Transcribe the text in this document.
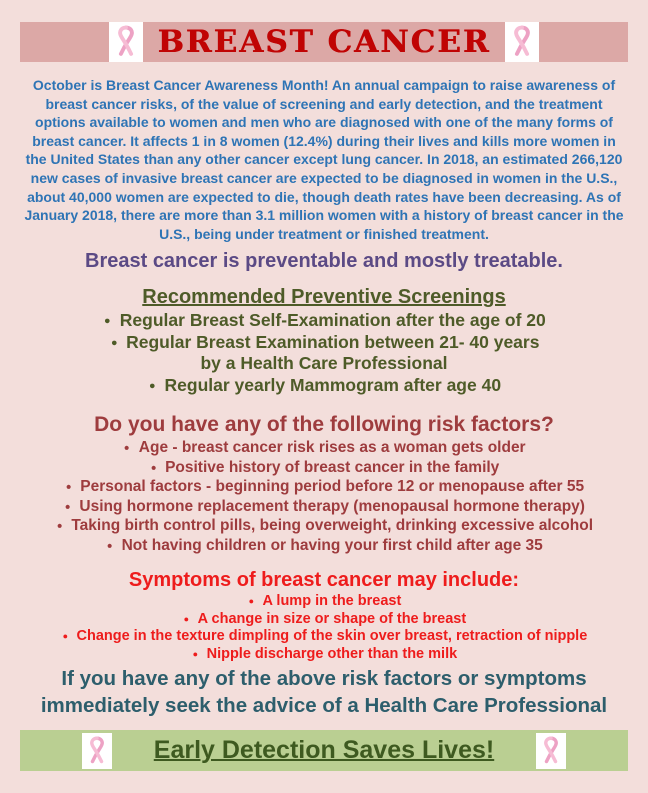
BREAST CANCER
October is Breast Cancer Awareness Month! An annual campaign to raise awareness of breast cancer risks, of the value of screening and early detection, and the treatment options available to women and men who are diagnosed with one of the many forms of breast cancer. It affects 1 in 8 women (12.4%) during their lives and kills more women in the United States than any other cancer except lung cancer. In 2018, an estimated 266,120 new cases of invasive breast cancer are expected to be diagnosed in women in the U.S., about 40,000 women are expected to die, though death rates have been decreasing. As of January 2018, there are more than 3.1 million women with a history of breast cancer in the U.S., being under treatment or finished treatment.
Breast cancer is preventable and mostly treatable.
Recommended Preventive Screenings
● Regular Breast Self-Examination after the age of 20
● Regular Breast Examination between 21- 40 years
by a Health Care Professional
● Regular yearly Mammogram after age 40
Do you have any of the following risk factors?
● Age - breast cancer risk rises as a woman gets older
● Positive history of breast cancer in the family
● Personal factors - beginning period before 12 or menopause after 55
● Using hormone replacement therapy (menopausal hormone therapy)
● Taking birth control pills, being overweight, drinking excessive alcohol
● Not having children or having your first child after age 35
Symptoms of breast cancer may include:
● A lump in the breast
● A change in size or shape of the breast
● Change in the texture dimpling of the skin over breast, retraction of nipple
● Nipple discharge other than the milk
If you have any of the above risk factors or symptoms immediately seek the advice of a Health Care Professional
Early Detection Saves Lives!
